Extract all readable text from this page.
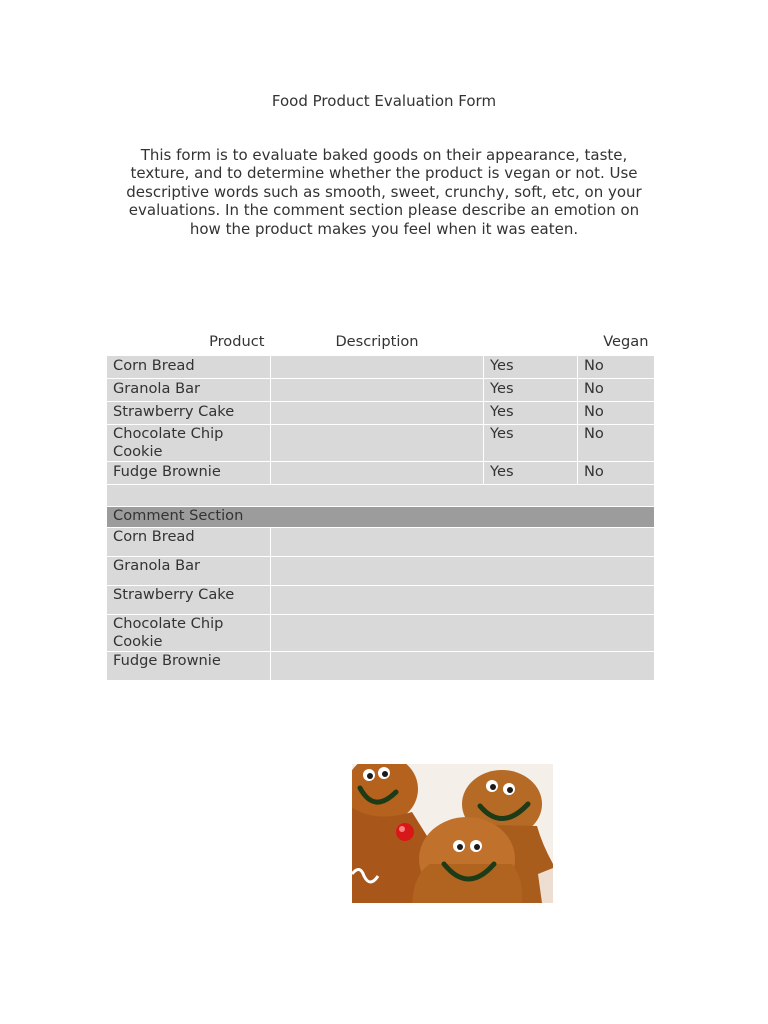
Food Product Evaluation Form
This form is to evaluate baked goods on their appearance, taste, texture, and to determine whether the product is vegan or not. Use descriptive words such as smooth, sweet, crunchy, soft, etc, on your evaluations. In the comment section please describe an emotion on how the product makes you feel when it was eaten.
Product	Description		Vegan
Corn Bread		Yes	No
Granola Bar		Yes	No
Strawberry Cake		Yes	No
Chocolate Chip Cookie		Yes	No
Fudge Brownie		Yes	No

Comment Section			
Corn Bread			
Granola Bar			
Strawberry Cake			
Chocolate Chip Cookie			
Fudge Brownie			
